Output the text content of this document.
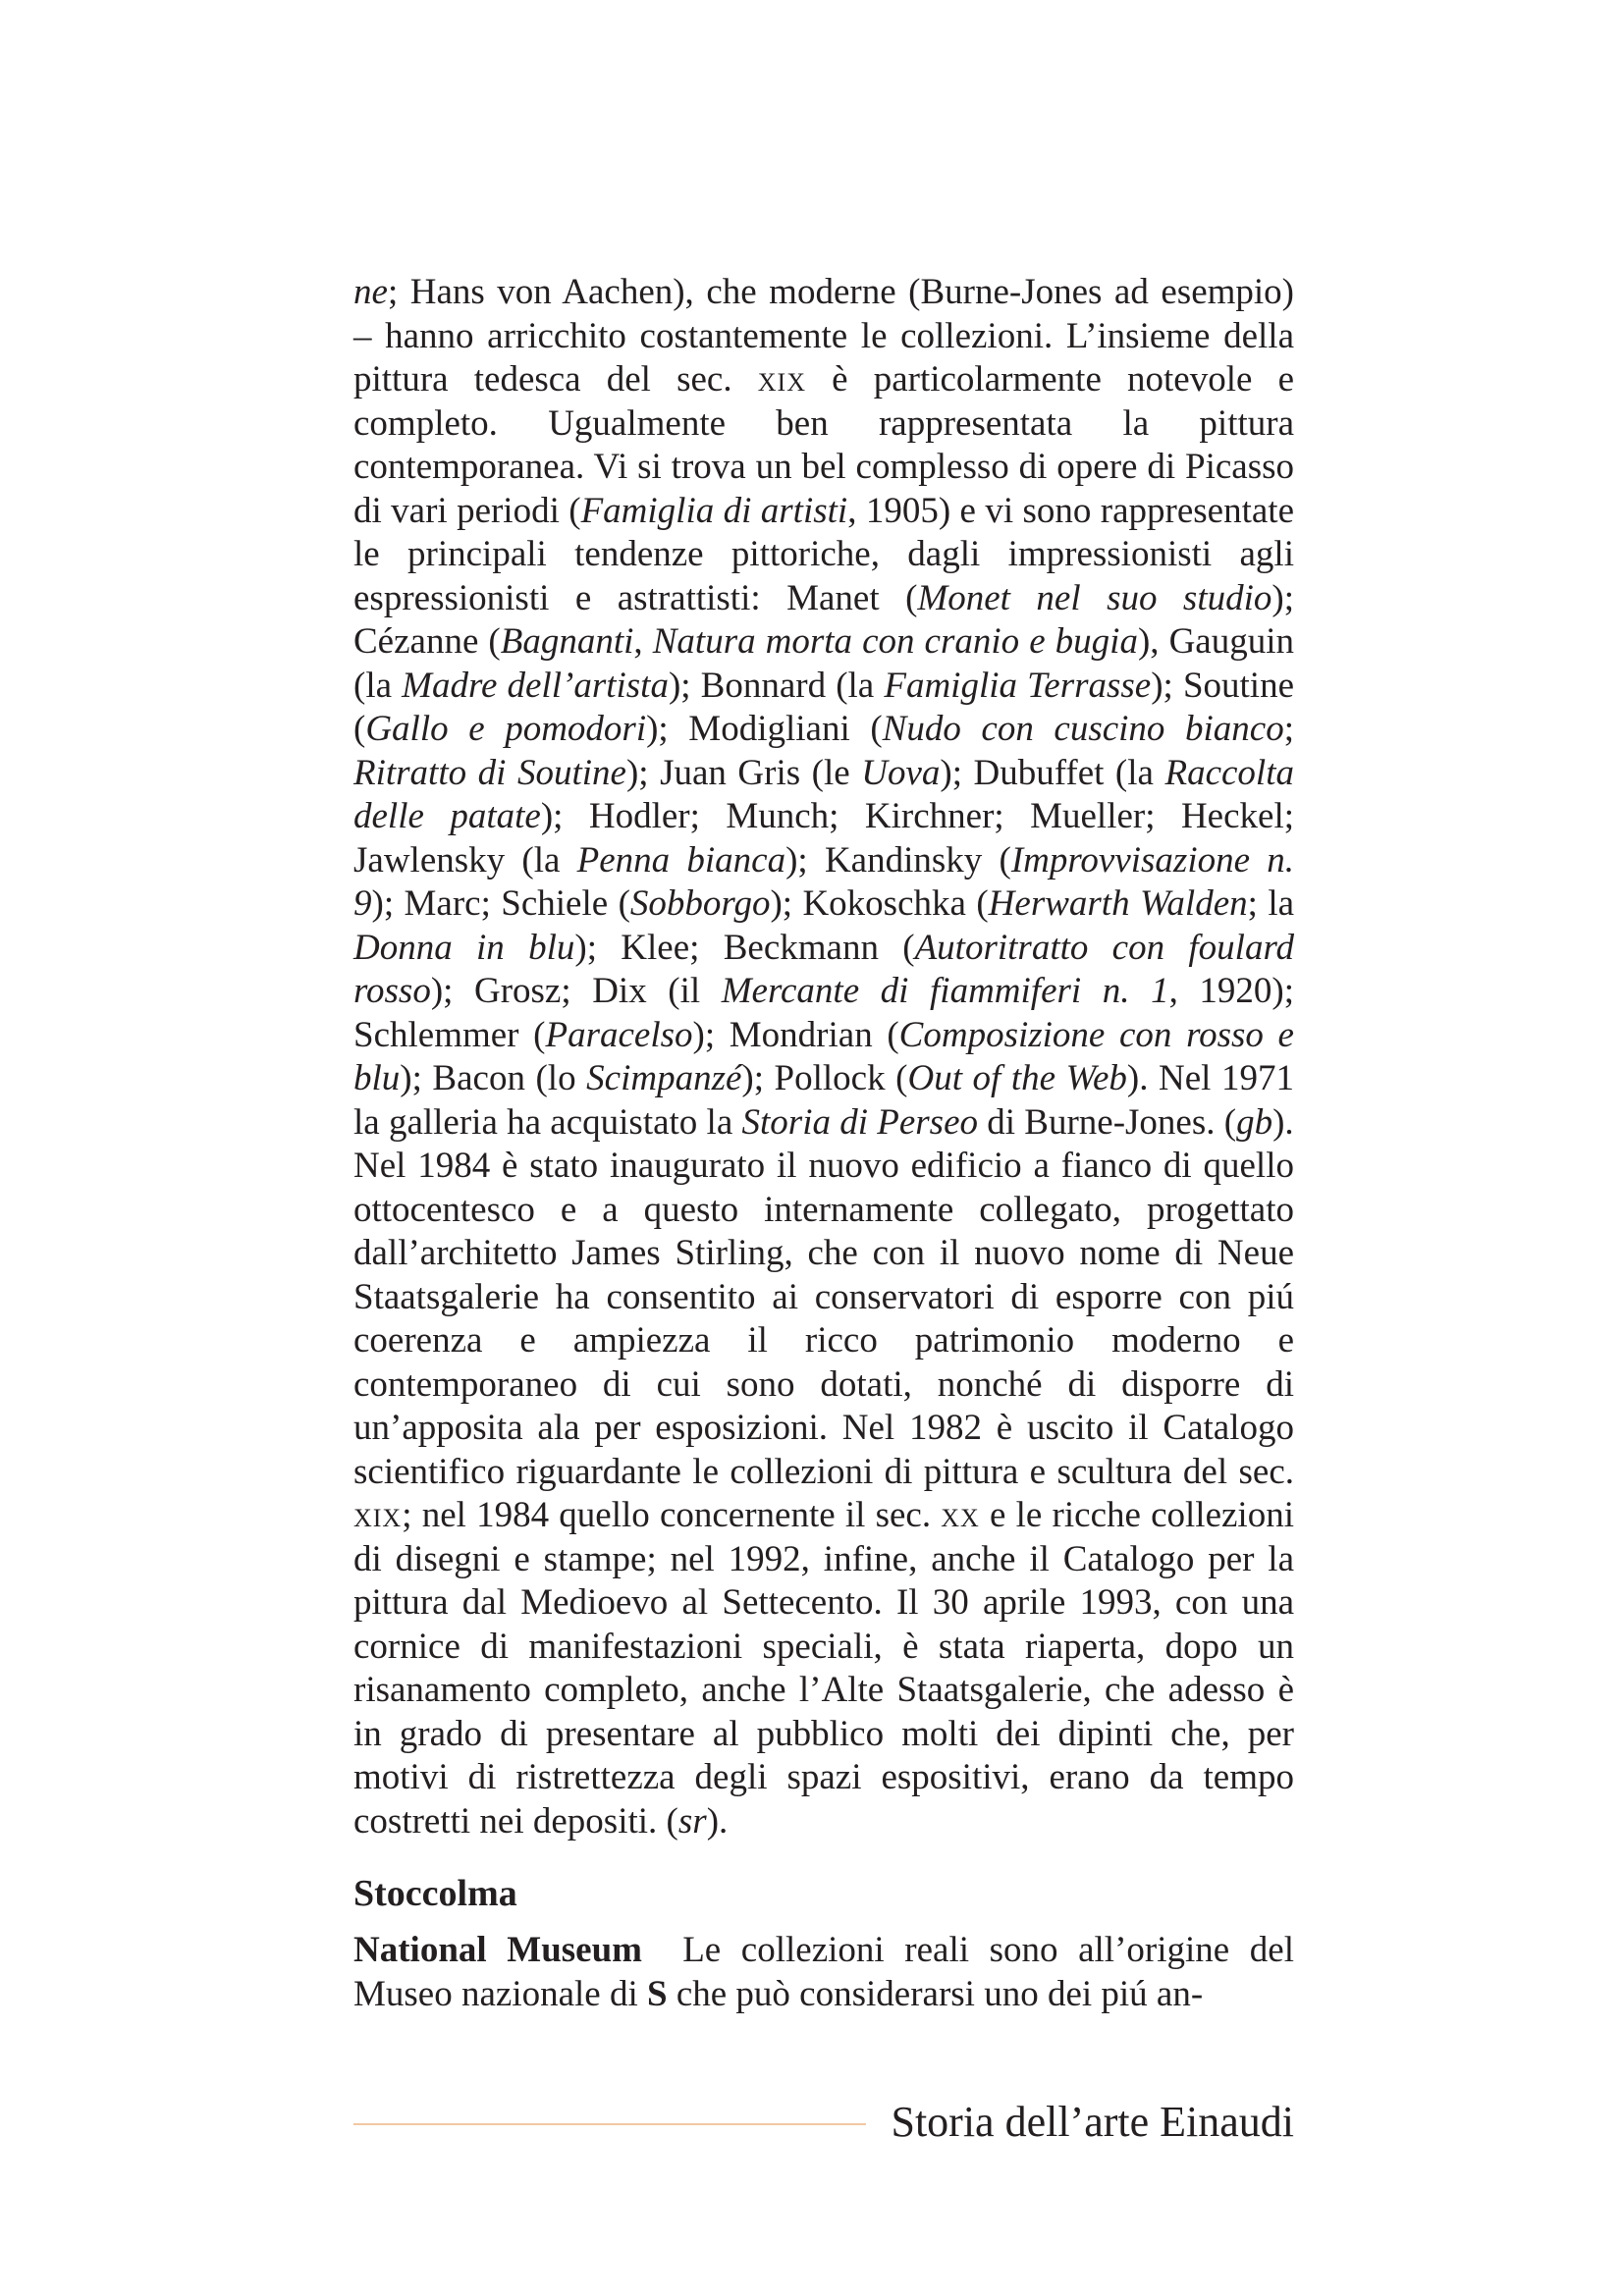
ne; Hans von Aachen), che moderne (Burne-Jones ad esempio) – hanno arricchito costantemente le collezioni. L’insieme della pittura tedesca del sec. xix è particolarmente notevole e completo. Ugualmente ben rappresentata la pittura contemporanea. Vi si trova un bel complesso di opere di Picasso di vari periodi (Famiglia di artisti, 1905) e vi sono rappresentate le principali tendenze pittoriche, dagli impressionisti agli espressionisti e astrattisti: Manet (Monet nel suo studio); Cézanne (Bagnanti, Natura morta con cranio e bugia), Gauguin (la Madre dell’artista); Bonnard (la Famiglia Terrasse); Soutine (Gallo e pomodori); Modigliani (Nudo con cuscino bianco; Ritratto di Soutine); Juan Gris (le Uova); Dubuffet (la Raccolta delle patate); Hodler; Munch; Kirchner; Mueller; Heckel; Jawlensky (la Penna bianca); Kandinsky (Improvvisazione n. 9); Marc; Schiele (Sobborgo); Kokoschka (Herwarth Walden; la Donna in blu); Klee; Beckmann (Autoritratto con foulard rosso); Grosz; Dix (il Mercante di fiammiferi n. 1, 1920); Schlemmer (Paracelso); Mondrian (Composizione con rosso e blu); Bacon (lo Scimpanzé); Pollock (Out of the Web). Nel 1971 la galleria ha acquistato la Storia di Perseo di Burne-Jones. (gb).

Nel 1984 è stato inaugurato il nuovo edificio a fianco di quello ottocentesco e a questo internamente collegato, progettato dall’architetto James Stirling, che con il nuovo nome di Neue Staatsgalerie ha consentito ai conservatori di esporre con piú coerenza e ampiezza il ricco patrimonio moderno e contemporaneo di cui sono dotati, nonché di disporre di un’apposita ala per esposizioni. Nel 1982 è uscito il Catalogo scientifico riguardante le collezioni di pittura e scultura del sec. xix; nel 1984 quello concernente il sec. xx e le ricche collezioni di disegni e stampe; nel 1992, infine, anche il Catalogo per la pittura dal Medioevo al Settecento. Il 30 aprile 1993, con una cornice di manifestazioni speciali, è stata riaperta, dopo un risanamento completo, anche l’Alte Staatsgalerie, che adesso è in grado di presentare al pubblico molti dei dipinti che, per motivi di ristrettezza degli spazi espositivi, erano da tempo costretti nei depositi. (sr).

Stoccolma

National Museum  Le collezioni reali sono all’origine del Museo nazionale di S che può considerarsi uno dei piú an-

Storia dell’arte Einaudi
